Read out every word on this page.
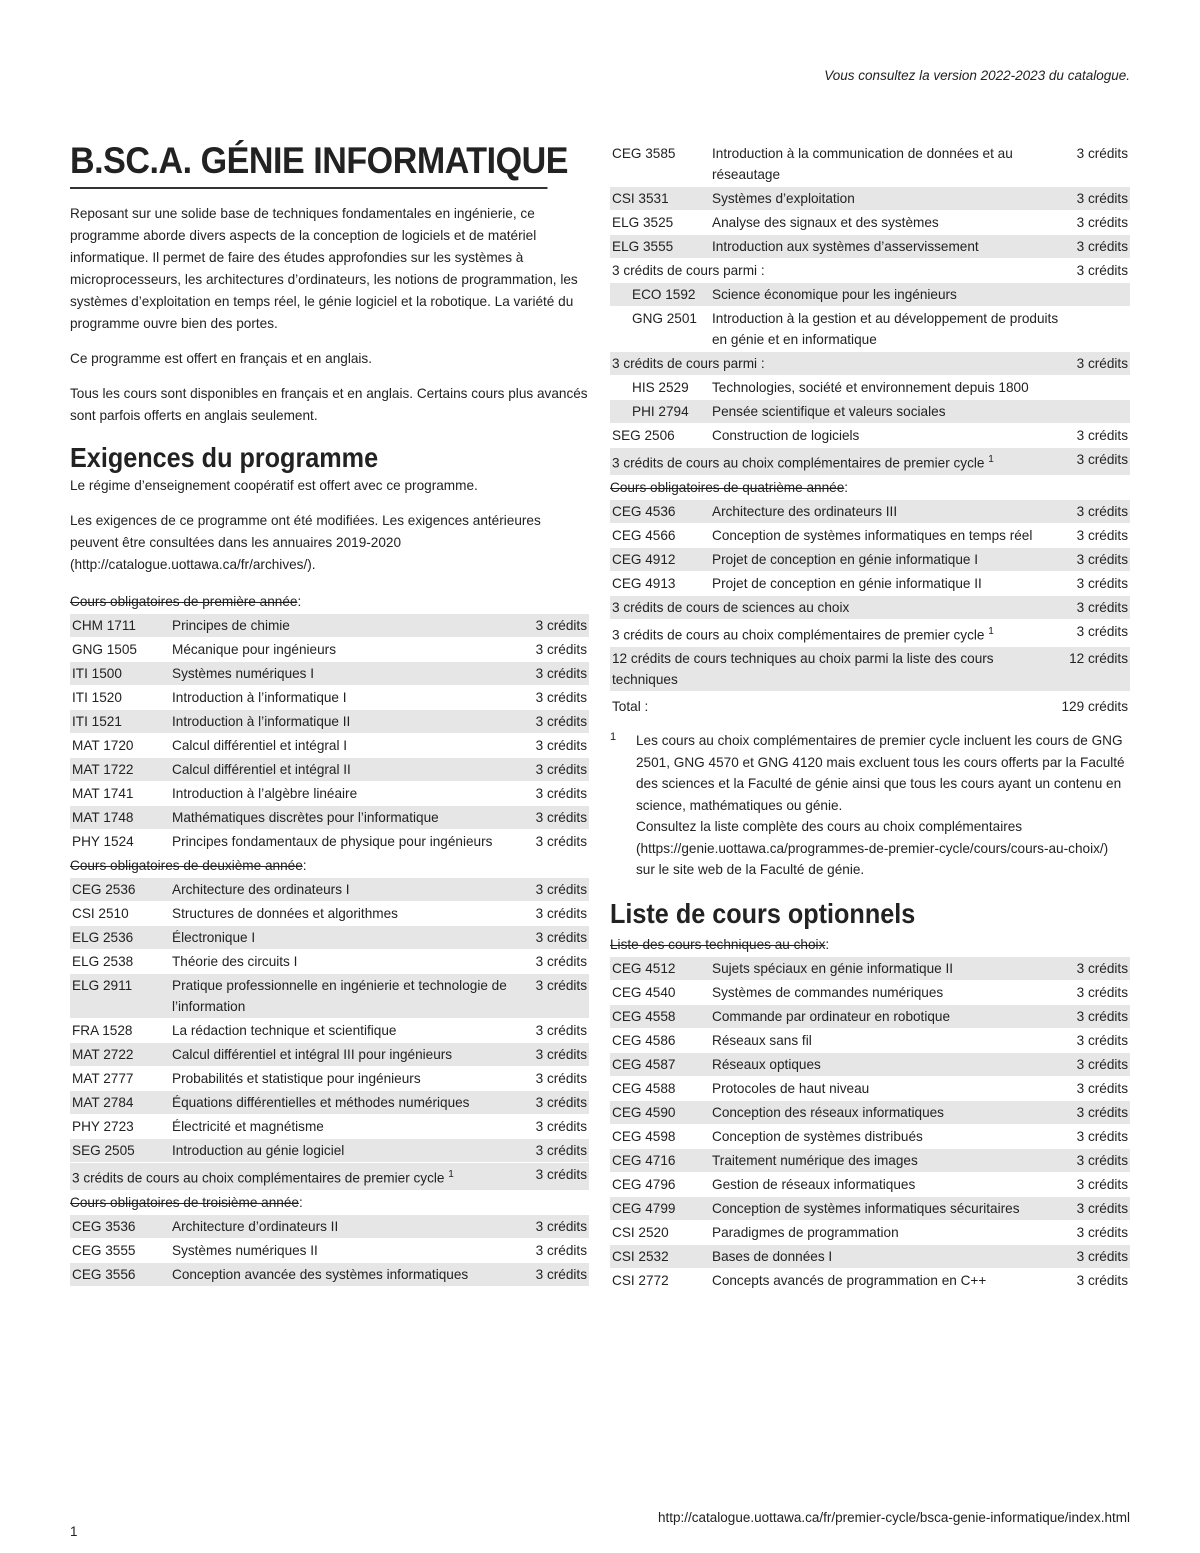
Vous consultez la version 2022-2023 du catalogue.
B.SC.A. GÉNIE INFORMATIQUE

Reposant sur une solide base de techniques fondamentales en ingénierie, ce programme aborde divers aspects de la conception de logiciels et de matériel informatique. Il permet de faire des études approfondies sur les systèmes à microprocesseurs, les architectures d’ordinateurs, les notions de programmation, les systèmes d’exploitation en temps réel, le génie logiciel et la robotique. La variété du programme ouvre bien des portes.

Ce programme est offert en français et en anglais.

Tous les cours sont disponibles en français et en anglais. Certains cours plus avancés sont parfois offerts en anglais seulement.

Exigences du programme

Le régime d’enseignement coopératif est offert avec ce programme.

Les exigences de ce programme ont été modifiées. Les exigences antérieures peuvent être consultées dans les annuaires 2019-2020 (http://catalogue.uottawa.ca/fr/archives/).

Cours obligatoires de première année:
CHM 1711	Principes de chimie	3 crédits
GNG 1505	Mécanique pour ingénieurs	3 crédits
ITI 1500	Systèmes numériques I	3 crédits
ITI 1520	Introduction à l’informatique I	3 crédits
ITI 1521	Introduction à l’informatique II	3 crédits
MAT 1720	Calcul différentiel et intégral I	3 crédits
MAT 1722	Calcul différentiel et intégral II	3 crédits
MAT 1741	Introduction à l’algèbre linéaire	3 crédits
MAT 1748	Mathématiques discrètes pour l’informatique	3 crédits
PHY 1524	Principes fondamentaux de physique pour ingénieurs	3 crédits
Cours obligatoires de deuxième année:
CEG 2536	Architecture des ordinateurs I	3 crédits
CSI 2510	Structures de données et algorithmes	3 crédits
ELG 2536	Électronique I	3 crédits
ELG 2538	Théorie des circuits I	3 crédits
ELG 2911	Pratique professionnelle en ingénierie et technologie de l’information	3 crédits
FRA 1528	La rédaction technique et scientifique	3 crédits
MAT 2722	Calcul différentiel et intégral III pour ingénieurs	3 crédits
MAT 2777	Probabilités et statistique pour ingénieurs	3 crédits
MAT 2784	Équations différentielles et méthodes numériques	3 crédits
PHY 2723	Électricité et magnétisme	3 crédits
SEG 2505	Introduction au génie logiciel	3 crédits
3 crédits de cours au choix complémentaires de premier cycle $^1$		3 crédits
Cours obligatoires de troisième année:
CEG 3536	Architecture d’ordinateurs II	3 crédits
CEG 3555	Systèmes numériques II	3 crédits
CEG 3556	Conception avancée des systèmes informatiques	3 crédits
CEG 3585	Introduction à la communication de données et au réseautage	3 crédits
CSI 3531	Systèmes d’exploitation	3 crédits
ELG 3525	Analyse des signaux et des systèmes	3 crédits
ELG 3555	Introduction aux systèmes d’asservissement	3 crédits
3 crédits de cours parmi :		3 crédits
ECO 1592	Science économique pour les ingénieurs	
GNG 2501	Introduction à la gestion et au développement de produits en génie et en informatique	
3 crédits de cours parmi :		3 crédits
HIS 2529	Technologies, société et environnement depuis 1800	
PHI 2794	Pensée scientifique et valeurs sociales	
SEG 2506	Construction de logiciels	3 crédits
3 crédits de cours au choix complémentaires de premier cycle $^1$		3 crédits
Cours obligatoires de quatrième année:
CEG 4536	Architecture des ordinateurs III	3 crédits
CEG 4566	Conception de systèmes informatiques en temps réel	3 crédits
CEG 4912	Projet de conception en génie informatique I	3 crédits
CEG 4913	Projet de conception en génie informatique II	3 crédits
3 crédits de cours de sciences au choix		3 crédits
3 crédits de cours au choix complémentaires de premier cycle $^1$		3 crédits
12 crédits de cours techniques au choix parmi la liste des cours techniques		12 crédits
Total :		129 crédits
1	Les cours au choix complémentaires de premier cycle incluent les cours de GNG 2501, GNG 4570 et GNG 4120 mais excluent tous les cours offerts par la Faculté des sciences et la Faculté de génie ainsi que tous les cours ayant un contenu en science, mathématiques ou génie.
Consultez la liste complète des cours au choix complémentaires (https://genie.uottawa.ca/programmes-de-premier-cycle/cours/cours-au-choix/) sur le site web de la Faculté de génie.
Liste de cours optionnels
Liste des cours techniques au choix:
CEG 4512	Sujets spéciaux en génie informatique II	3 crédits
CEG 4540	Systèmes de commandes numériques	3 crédits
CEG 4558	Commande par ordinateur en robotique	3 crédits
CEG 4586	Réseaux sans fil	3 crédits
CEG 4587	Réseaux optiques	3 crédits
CEG 4588	Protocoles de haut niveau	3 crédits
CEG 4590	Conception des réseaux informatiques	3 crédits
CEG 4598	Conception de systèmes distribués	3 crédits
CEG 4716	Traitement numérique des images	3 crédits
CEG 4796	Gestion de réseaux informatiques	3 crédits
CEG 4799	Conception de systèmes informatiques sécuritaires	3 crédits
CSI 2520	Paradigmes de programmation	3 crédits
CSI 2532	Bases de données I	3 crédits
CSI 2772	Concepts avancés de programmation en C++	3 crédits
http://catalogue.uottawa.ca/fr/premier-cycle/bsca-genie-informatique/index.html
1
